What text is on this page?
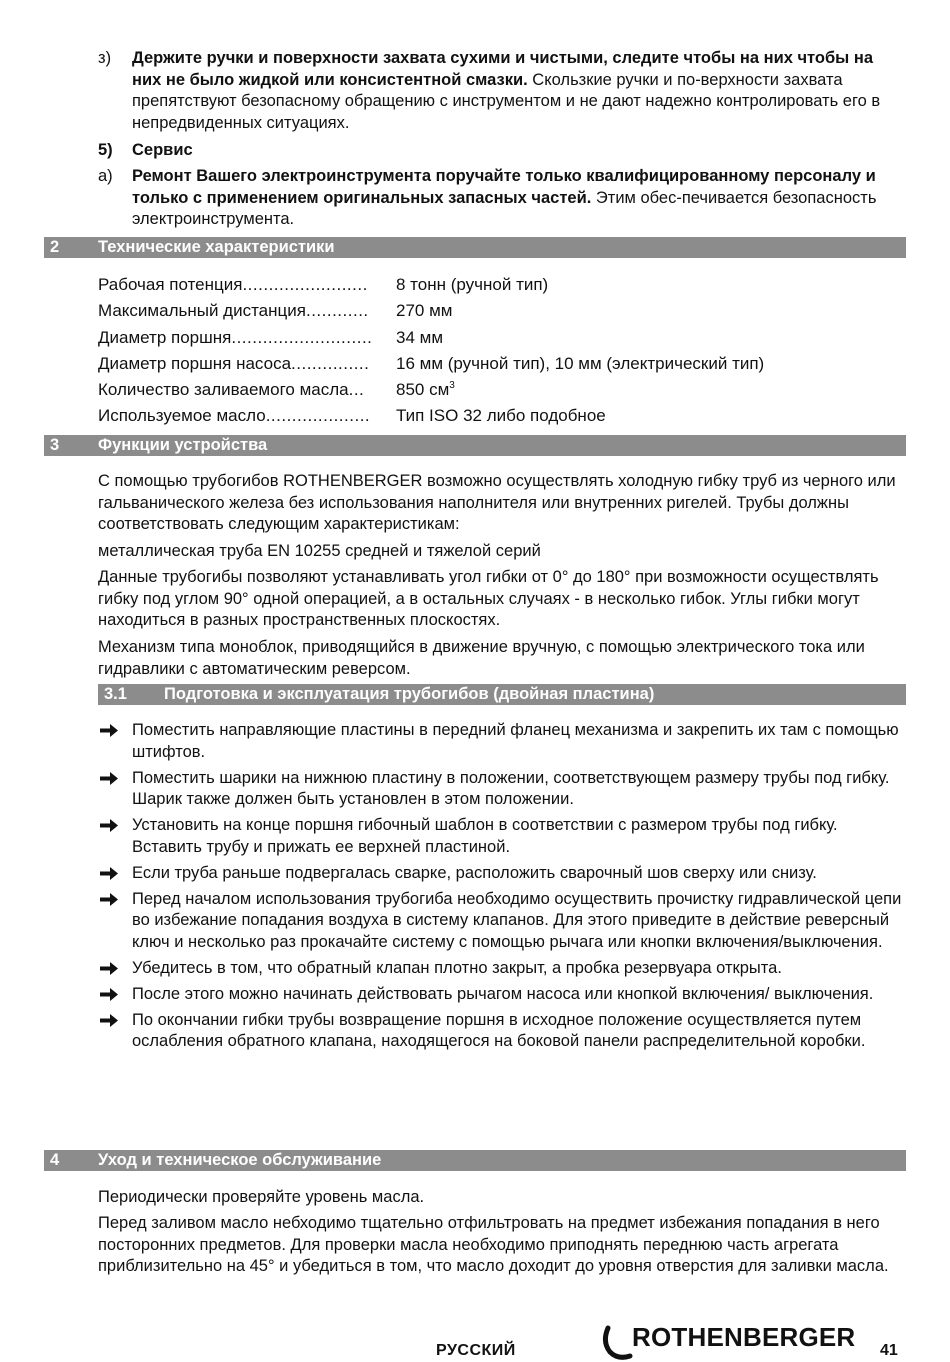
з)	Держите ручки и поверхности захвата сухими и чистыми, следите чтобы на них чтобы на них не было жидкой или консистентной смазки. Скользкие ручки и по-верхности захвата препятствуют безопасному обращению с инструментом и не дают надежно контролировать его в непредвиденных ситуациях.
5)	Сервис
а)	Ремонт Вашего электроинструмента поручайте только квалифицированному персоналу и только с применением оригинальных запасных частей. Этим обес-печивается безопасность электроинструмента.
2 Технические характеристики
Рабочая потенция........................	8 тонн (ручной тип)
Максимальный дистанция............	270 мм
Диаметр поршня...........................	34 мм
Диаметр поршня насоса...............	16 мм (ручной тип), 10 мм (электрический тип)
Количество заливаемого масла...	850 $см^3$
Используемое масло....................	Тип ISO 32 либо подобное
3 Функции устройства
С помощью трубогибов ROTHENBERGER возможно осуществлять холодную гибку труб из черного или гальванического железа без использования наполнителя или внутренних ригелей. Трубы должны соответствовать следующим характеристикам:
металлическая труба EN 10255 средней и тяжелой серий
Данные трубогибы позволяют устанавливать угол гибки от 0° до 180° при возможности осуществлять гибку под углом 90° одной операцией, а в остальных случаях - в несколько гибок. Углы гибки могут находиться в разных пространственных плоскостях.
Механизм типа моноблок, приводящийся в движение вручную, с помощью электрического тока или гидравлики с автоматическим реверсом.
3.1 Подготовка и эксплуатация трубогибов (двойная пластина)
Поместить направляющие пластины в передний фланец механизма и закрепить их там с помощью штифтов.
Поместить шарики на нижнюю пластину в положении, соответствующем размеру трубы под гибку. Шарик также должен быть установлен в этом положении.
Установить на конце поршня гибочный шаблон в соответствии с размером трубы под гибку. Вставить трубу и прижать ее верхней пластиной.
Если труба раньше подвергалась сварке, расположить сварочный шов сверху или снизу.
Перед началом использования трубогиба необходимо осуществить прочистку гидравлической цепи во избежание попадания воздуха в систему клапанов. Для этого приведите в действие реверсный ключ и несколько раз прокачайте систему с помощью рычага или кнопки включения/выключения.
Убедитесь в том, что обратный клапан плотно закрыт, а пробка резервуара открыта.
После этого можно начинать действовать рычагом насоса или кнопкой включения/ выключения.
По окончании гибки трубы возвращение поршня в исходное положение осуществляется путем ослабления обратного клапана, находящегося на боковой панели распределительной коробки.
4 Уход и техническое обслуживание
Периодически проверяйте уровень масла.
Перед заливом масло небходимо тщательно отфильтровать на предмет избежания попадания в него посторонних предметов. Для проверки масла необходимо приподнять переднюю часть агрегата приблизительно на 45° и убедиться в том, что масло доходит до уровня отверстия для заливки масла.
РУССКИЙ	ROTHENBERGER 41
